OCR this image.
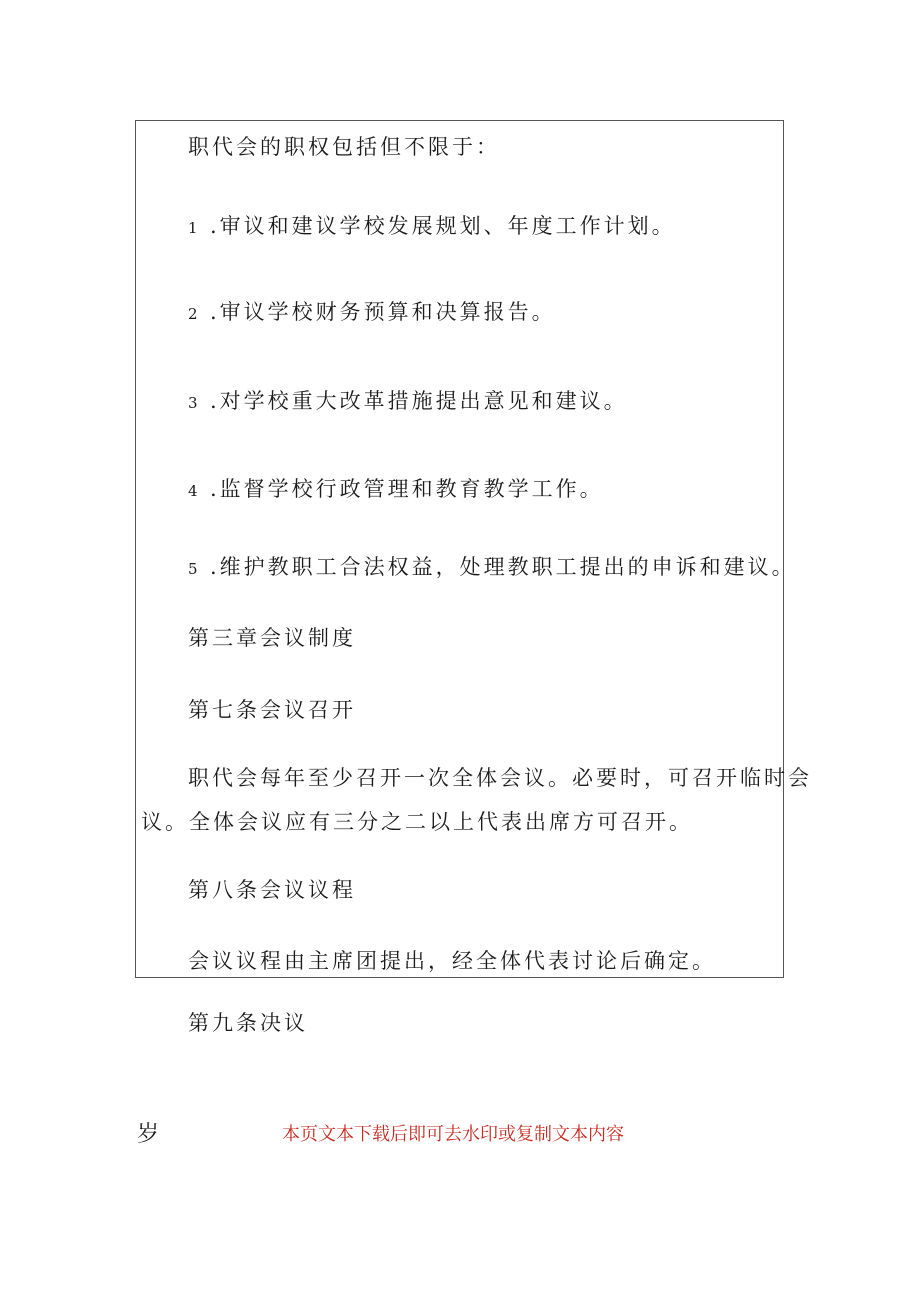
职代会的职权包括但不限于：
1 .审议和建议学校发展规划、年度工作计划。
2 .审议学校财务预算和决算报告。
3 .对学校重大改革措施提出意见和建议。
4 .监督学校行政管理和教育教学工作。
5 .维护教职工合法权益，处理教职工提出的申诉和建议。
第三章会议制度
第七条会议召开
职代会每年至少召开一次全体会议。必要时，可召开临时会
议。全体会议应有三分之二以上代表出席方可召开。
第八条会议议程
会议议程由主席团提出，经全体代表讨论后确定。
第九条决议
岁	本页文本下载后即可去水印或复制文本内容
